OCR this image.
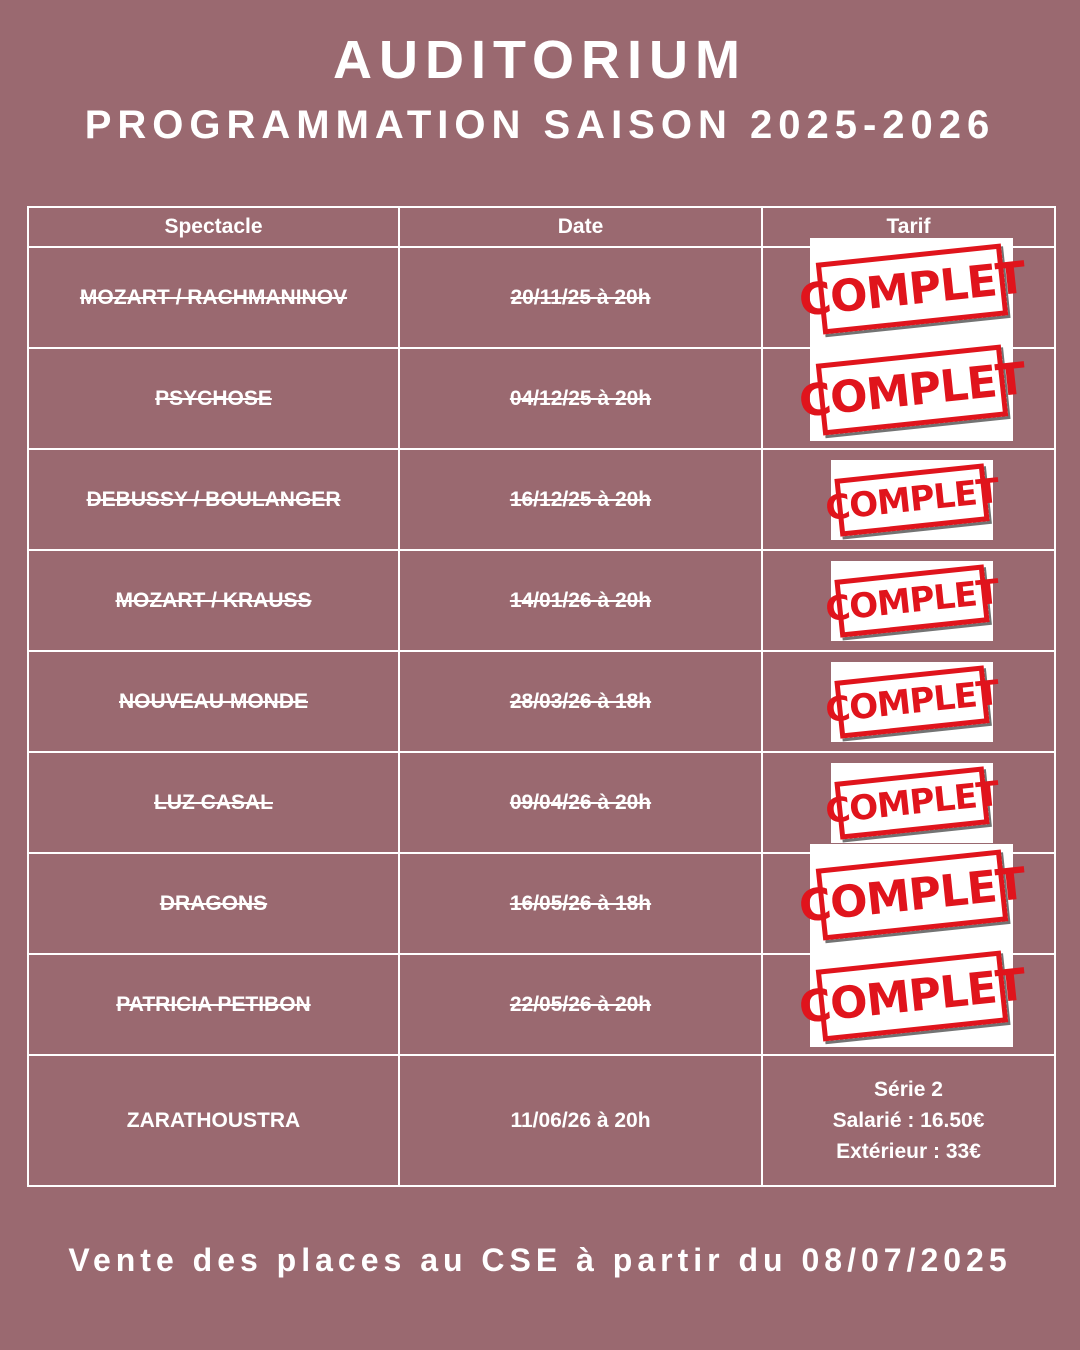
AUDITORIUM
PROGRAMMATION SAISON 2025-2026
Spectacle	Date	Tarif
MOZART / RACHMANINOV	20/11/25 à 20h	COMPLET

PSYCHOSE	04/12/25 à 20h	COMPLET

DEBUSSY / BOULANGER	16/12/25 à 20h	COMPLET

MOZART / KRAUSS	14/01/26 à 20h	COMPLET

NOUVEAU MONDE	28/03/26 à 18h	COMPLET

LUZ CASAL	09/04/26 à 20h	COMPLET

DRAGONS	16/05/26 à 18h	COMPLET

PATRICIA PETIBON	22/05/26 à 20h	COMPLET

ZARATHOUSTRA	11/06/26 à 20h	Série 2
Salarié : 16.50€
Extérieur : 33€
Vente des places au CSE à partir du 08/07/2025
